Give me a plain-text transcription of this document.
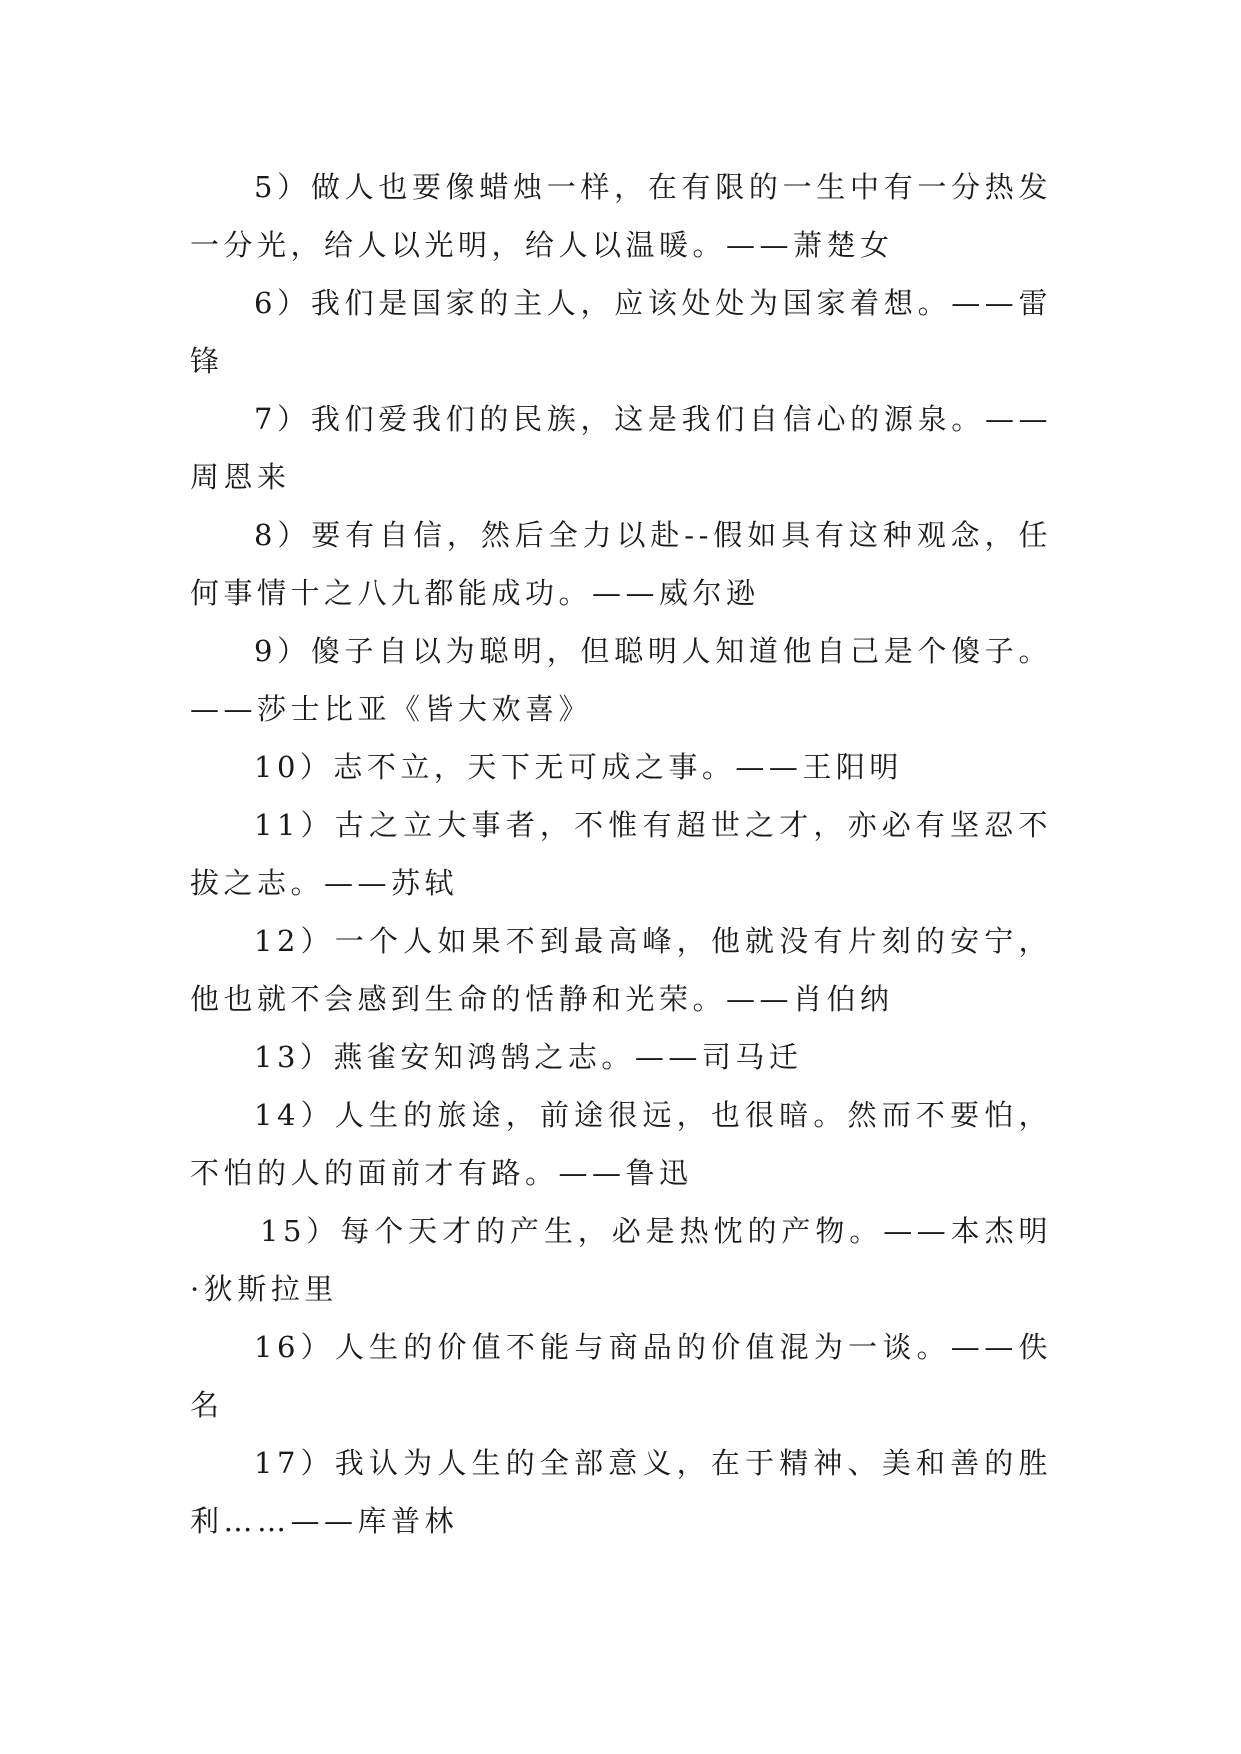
5）做人也要像蜡烛一样，在有限的一生中有一分热发一分光，给人以光明，给人以温暖。——萧楚女

6）我们是国家的主人，应该处处为国家着想。——雷锋

7）我们爱我们的民族，这是我们自信心的源泉。——周恩来

8）要有自信，然后全力以赴--假如具有这种观念，任何事情十之八九都能成功。——威尔逊

9）傻子自以为聪明，但聪明人知道他自己是个傻子。——莎士比亚《皆大欢喜》

10）志不立，天下无可成之事。——王阳明

11）古之立大事者，不惟有超世之才，亦必有坚忍不拔之志。——苏轼

12）一个人如果不到最高峰，他就没有片刻的安宁，他也就不会感到生命的恬静和光荣。——肖伯纳

13）燕雀安知鸿鹄之志。——司马迁

14）人生的旅途，前途很远，也很暗。然而不要怕，不怕的人的面前才有路。——鲁迅

15）每个天才的产生，必是热忱的产物。——本杰明·狄斯拉里

16）人生的价值不能与商品的价值混为一谈。——佚名

17）我认为人生的全部意义，在于精神、美和善的胜利……——库普林
